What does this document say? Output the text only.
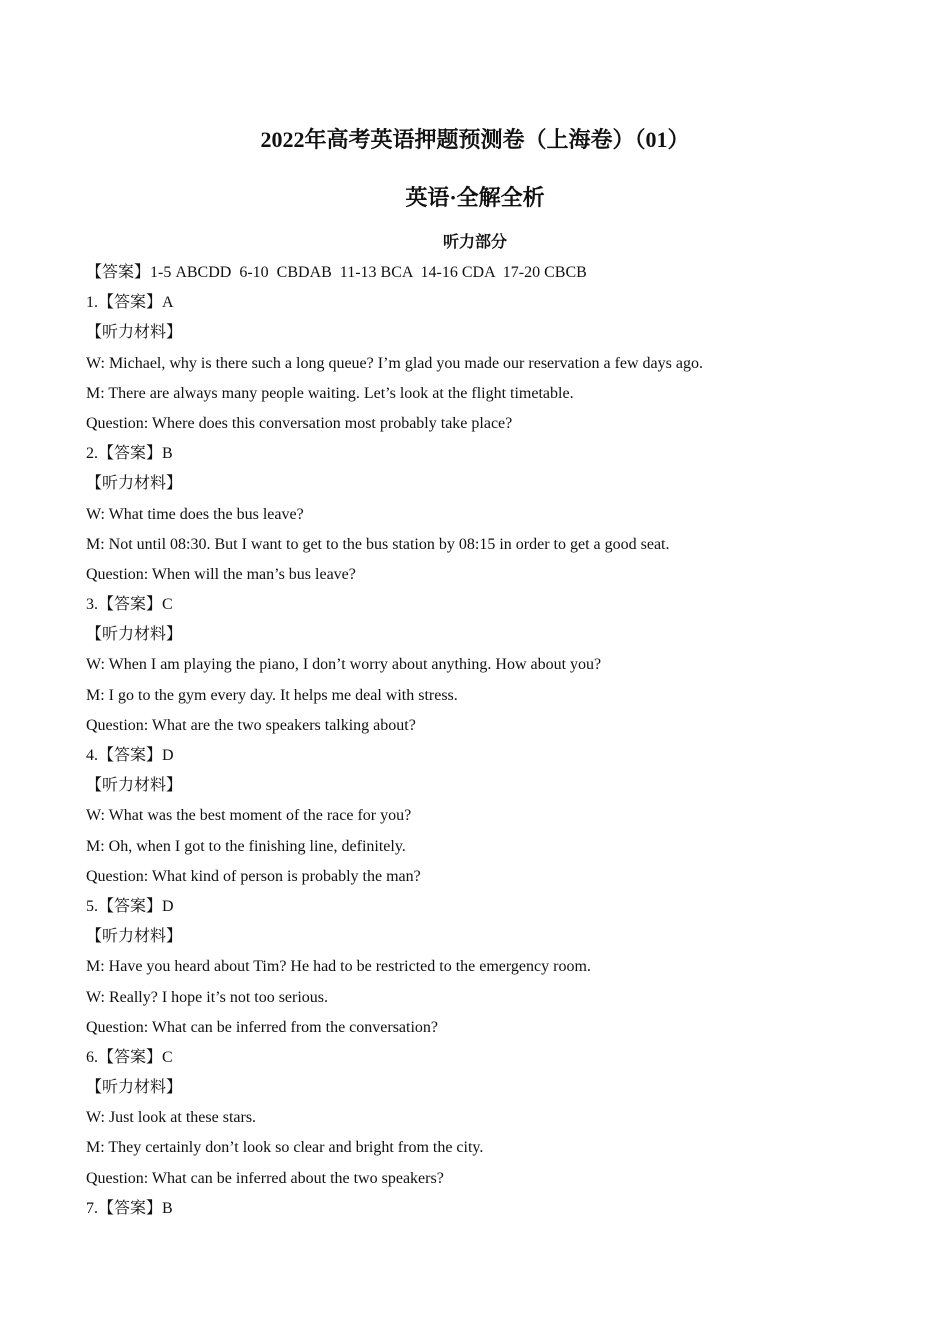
2022年高考英语押题预测卷（上海卷）（01）
英语·全解全析
听力部分
【答案】1-5 ABCDD  6-10  CBDAB  11-13 BCA  14-16 CDA  17-20 CBCB
1.【答案】A
【听力材料】
W: Michael, why is there such a long queue? I’m glad you made our reservation a few days ago.
M: There are always many people waiting. Let’s look at the flight timetable.
Question: Where does this conversation most probably take place?
2.【答案】B
【听力材料】
W: What time does the bus leave?
M: Not until 08:30. But I want to get to the bus station by 08:15 in order to get a good seat.
Question: When will the man’s bus leave?
3.【答案】C
【听力材料】
W: When I am playing the piano, I don’t worry about anything. How about you?
M: I go to the gym every day. It helps me deal with stress.
Question: What are the two speakers talking about?
4.【答案】D
【听力材料】
W: What was the best moment of the race for you?
M: Oh, when I got to the finishing line, definitely.
Question: What kind of person is probably the man?
5.【答案】D
【听力材料】
M: Have you heard about Tim? He had to be restricted to the emergency room.
W: Really? I hope it’s not too serious.
Question: What can be inferred from the conversation?
6.【答案】C
【听力材料】
W: Just look at these stars.
M: They certainly don’t look so clear and bright from the city.
Question: What can be inferred about the two speakers?
7.【答案】B
